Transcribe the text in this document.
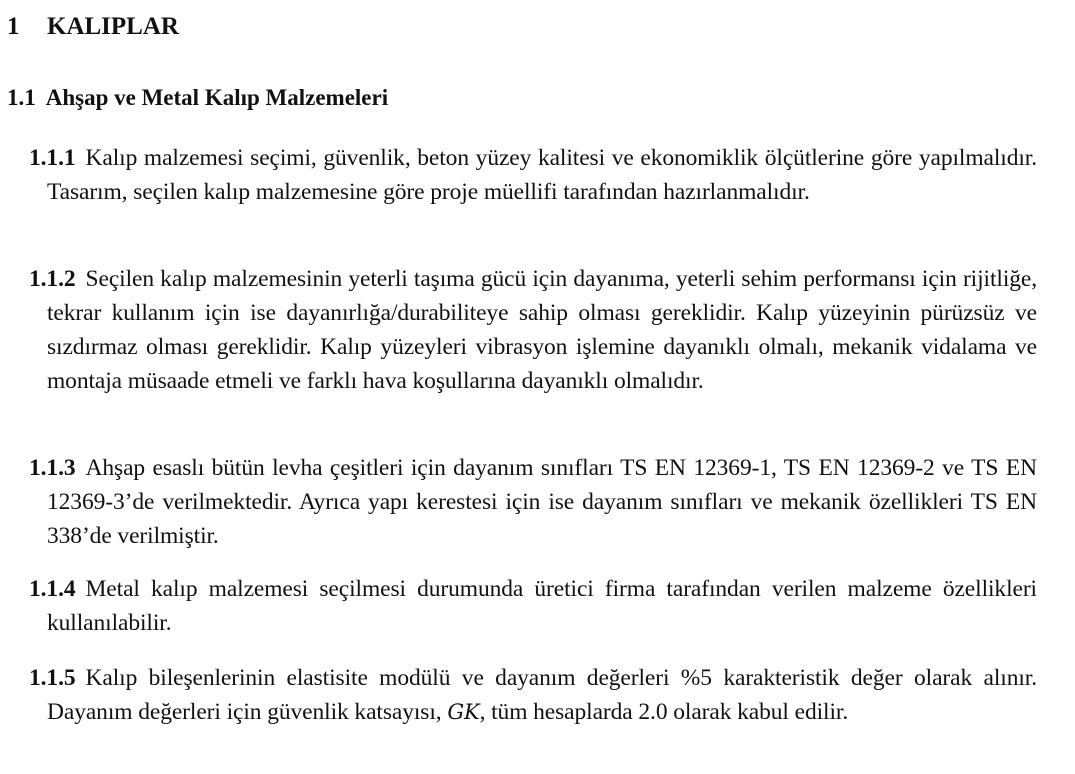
1 KALIPLAR
1.1 Ahşap ve Metal Kalıp Malzemeleri
1.1.1 Kalıp malzemesi seçimi, güvenlik, beton yüzey kalitesi ve ekonomiklik ölçütlerine göre yapılmalıdır. Tasarım, seçilen kalıp malzemesine göre proje müellifi tarafından hazırlanmalıdır.
1.1.2 Seçilen kalıp malzemesinin yeterli taşıma gücü için dayanıma, yeterli sehim performansı için rijitliğe, tekrar kullanım için ise dayanırlığa/durabiliteye sahip olması gereklidir. Kalıp yüzeyinin pürüzsüz ve sızdırmaz olması gereklidir. Kalıp yüzeyleri vibrasyon işlemine dayanıklı olmalı, mekanik vidalama ve montaja müsaade etmeli ve farklı hava koşullarına dayanıklı olmalıdır.
1.1.3 Ahşap esaslı bütün levha çeşitleri için dayanım sınıfları TS EN 12369-1, TS EN 12369-2 ve TS EN 12369-3’de verilmektedir. Ayrıca yapı kerestesi için ise dayanım sınıfları ve mekanik özellikleri TS EN 338’de verilmiştir.
1.1.4 Metal kalıp malzemesi seçilmesi durumunda üretici firma tarafından verilen malzeme özellikleri kullanılabilir.
1.1.5 Kalıp bileşenlerinin elastisite modülü ve dayanım değerleri %5 karakteristik değer olarak alınır. Dayanım değerleri için güvenlik katsayısı, GK, tüm hesaplarda 2.0 olarak kabul edilir.
